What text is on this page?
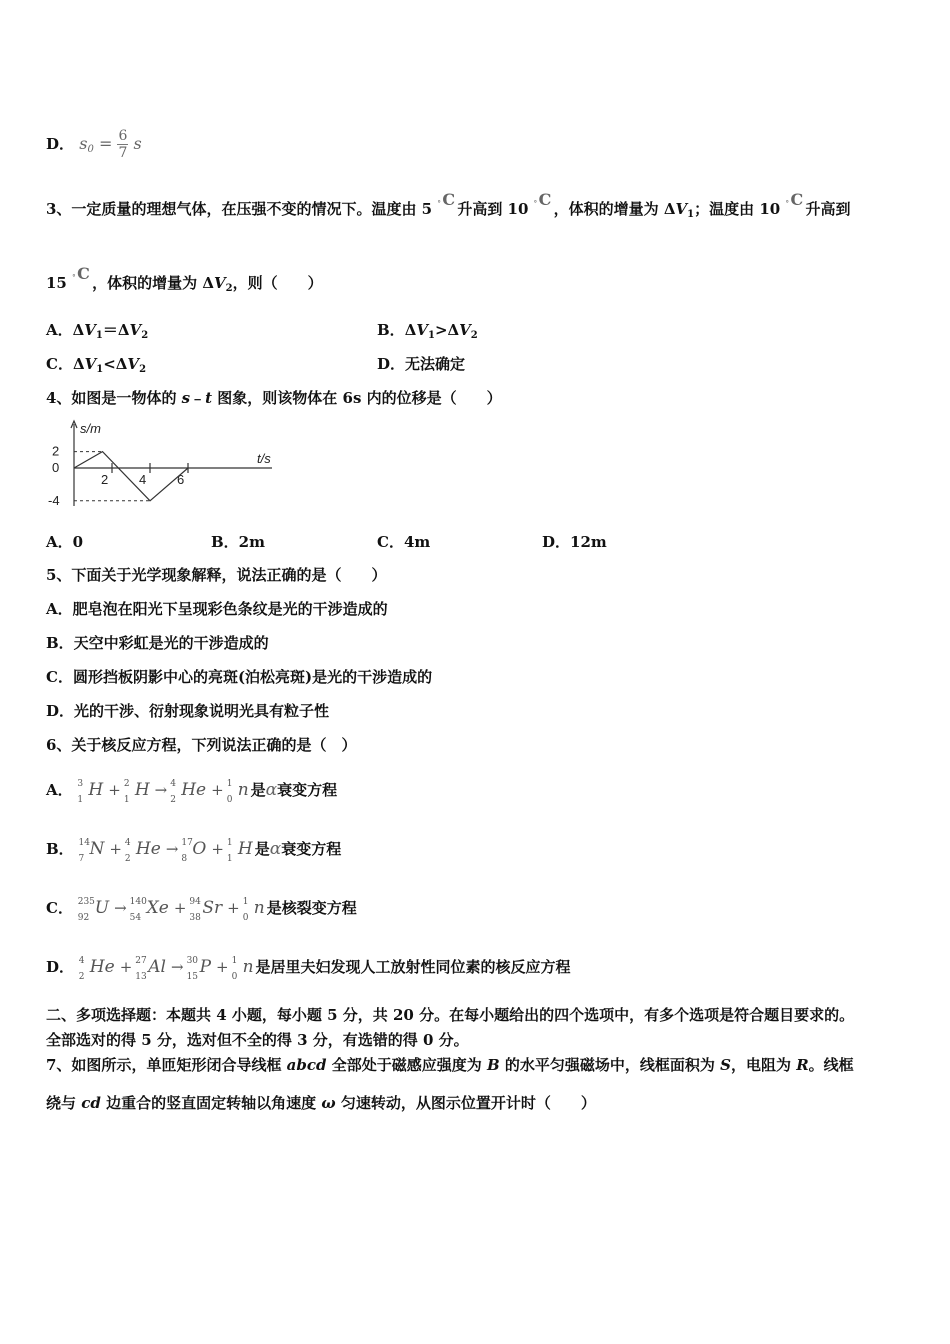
D． $s_0 = \frac{6}{7}$ s
3、一定质量的理想气体，在压强不变的情况下。温度由 5 ° C 升高到 10 ° C ，体积的增量为 $\Delta V_1$；温度由 10 ° C 升高到
15 ° C ，体积的增量为 $\Delta V_2$，则（　　）
A．$\Delta V_1=\Delta V_2$	B．$\Delta V_1>\Delta V_2$
C．$\Delta V_1<\Delta V_2$	D．无法确定
4、如图是一物体的 s﹣t 图象，则该物体在 6s 内的位移是（　　）
s/m
t/s
2 4 6
2
0
-4
A．0	B．2m	C．4m	D．12m
5、下面关于光学现象解释，说法正确的是（　　）
A．肥皂泡在阳光下呈现彩色条纹是光的干涉造成的
B．天空中彩虹是光的干涉造成的
C．圆形挡板阴影中心的亮斑(泊松亮斑)是光的干涉造成的
D．光的干涉、衍射现象说明光具有粒子性
6、关于核反应方程，下列说法正确的是（　）
A． 3
1 H + 2
1 H → 4
2 He + 1
0 n 是α衰变方程
B． 14
7 N + 4
2 He → 17
8 O + 1
1 H 是α衰变方程
C． 235
92 U → 140
54 Xe + 94
38 Sr + 1
0 n 是核裂变方程
D． 4
2 He + 27
13 Al → 30
15 P + 1
0 n 是居里夫妇发现人工放射性同位素的核反应方程
二、多项选择题：本题共 4 小题，每小题 5 分，共 20 分。在每小题给出的四个选项中，有多个选项是符合题目要求的。
全部选对的得 5 分，选对但不全的得 3 分，有选错的得 0 分。
7、如图所示，单匝矩形闭合导线框 abcd 全部处于磁感应强度为 B 的水平匀强磁场中，线框面积为 S，电阻为 R。线框
绕与 cd 边重合的竖直固定转轴以角速度 ω 匀速转动，从图示位置开计时（　　）
